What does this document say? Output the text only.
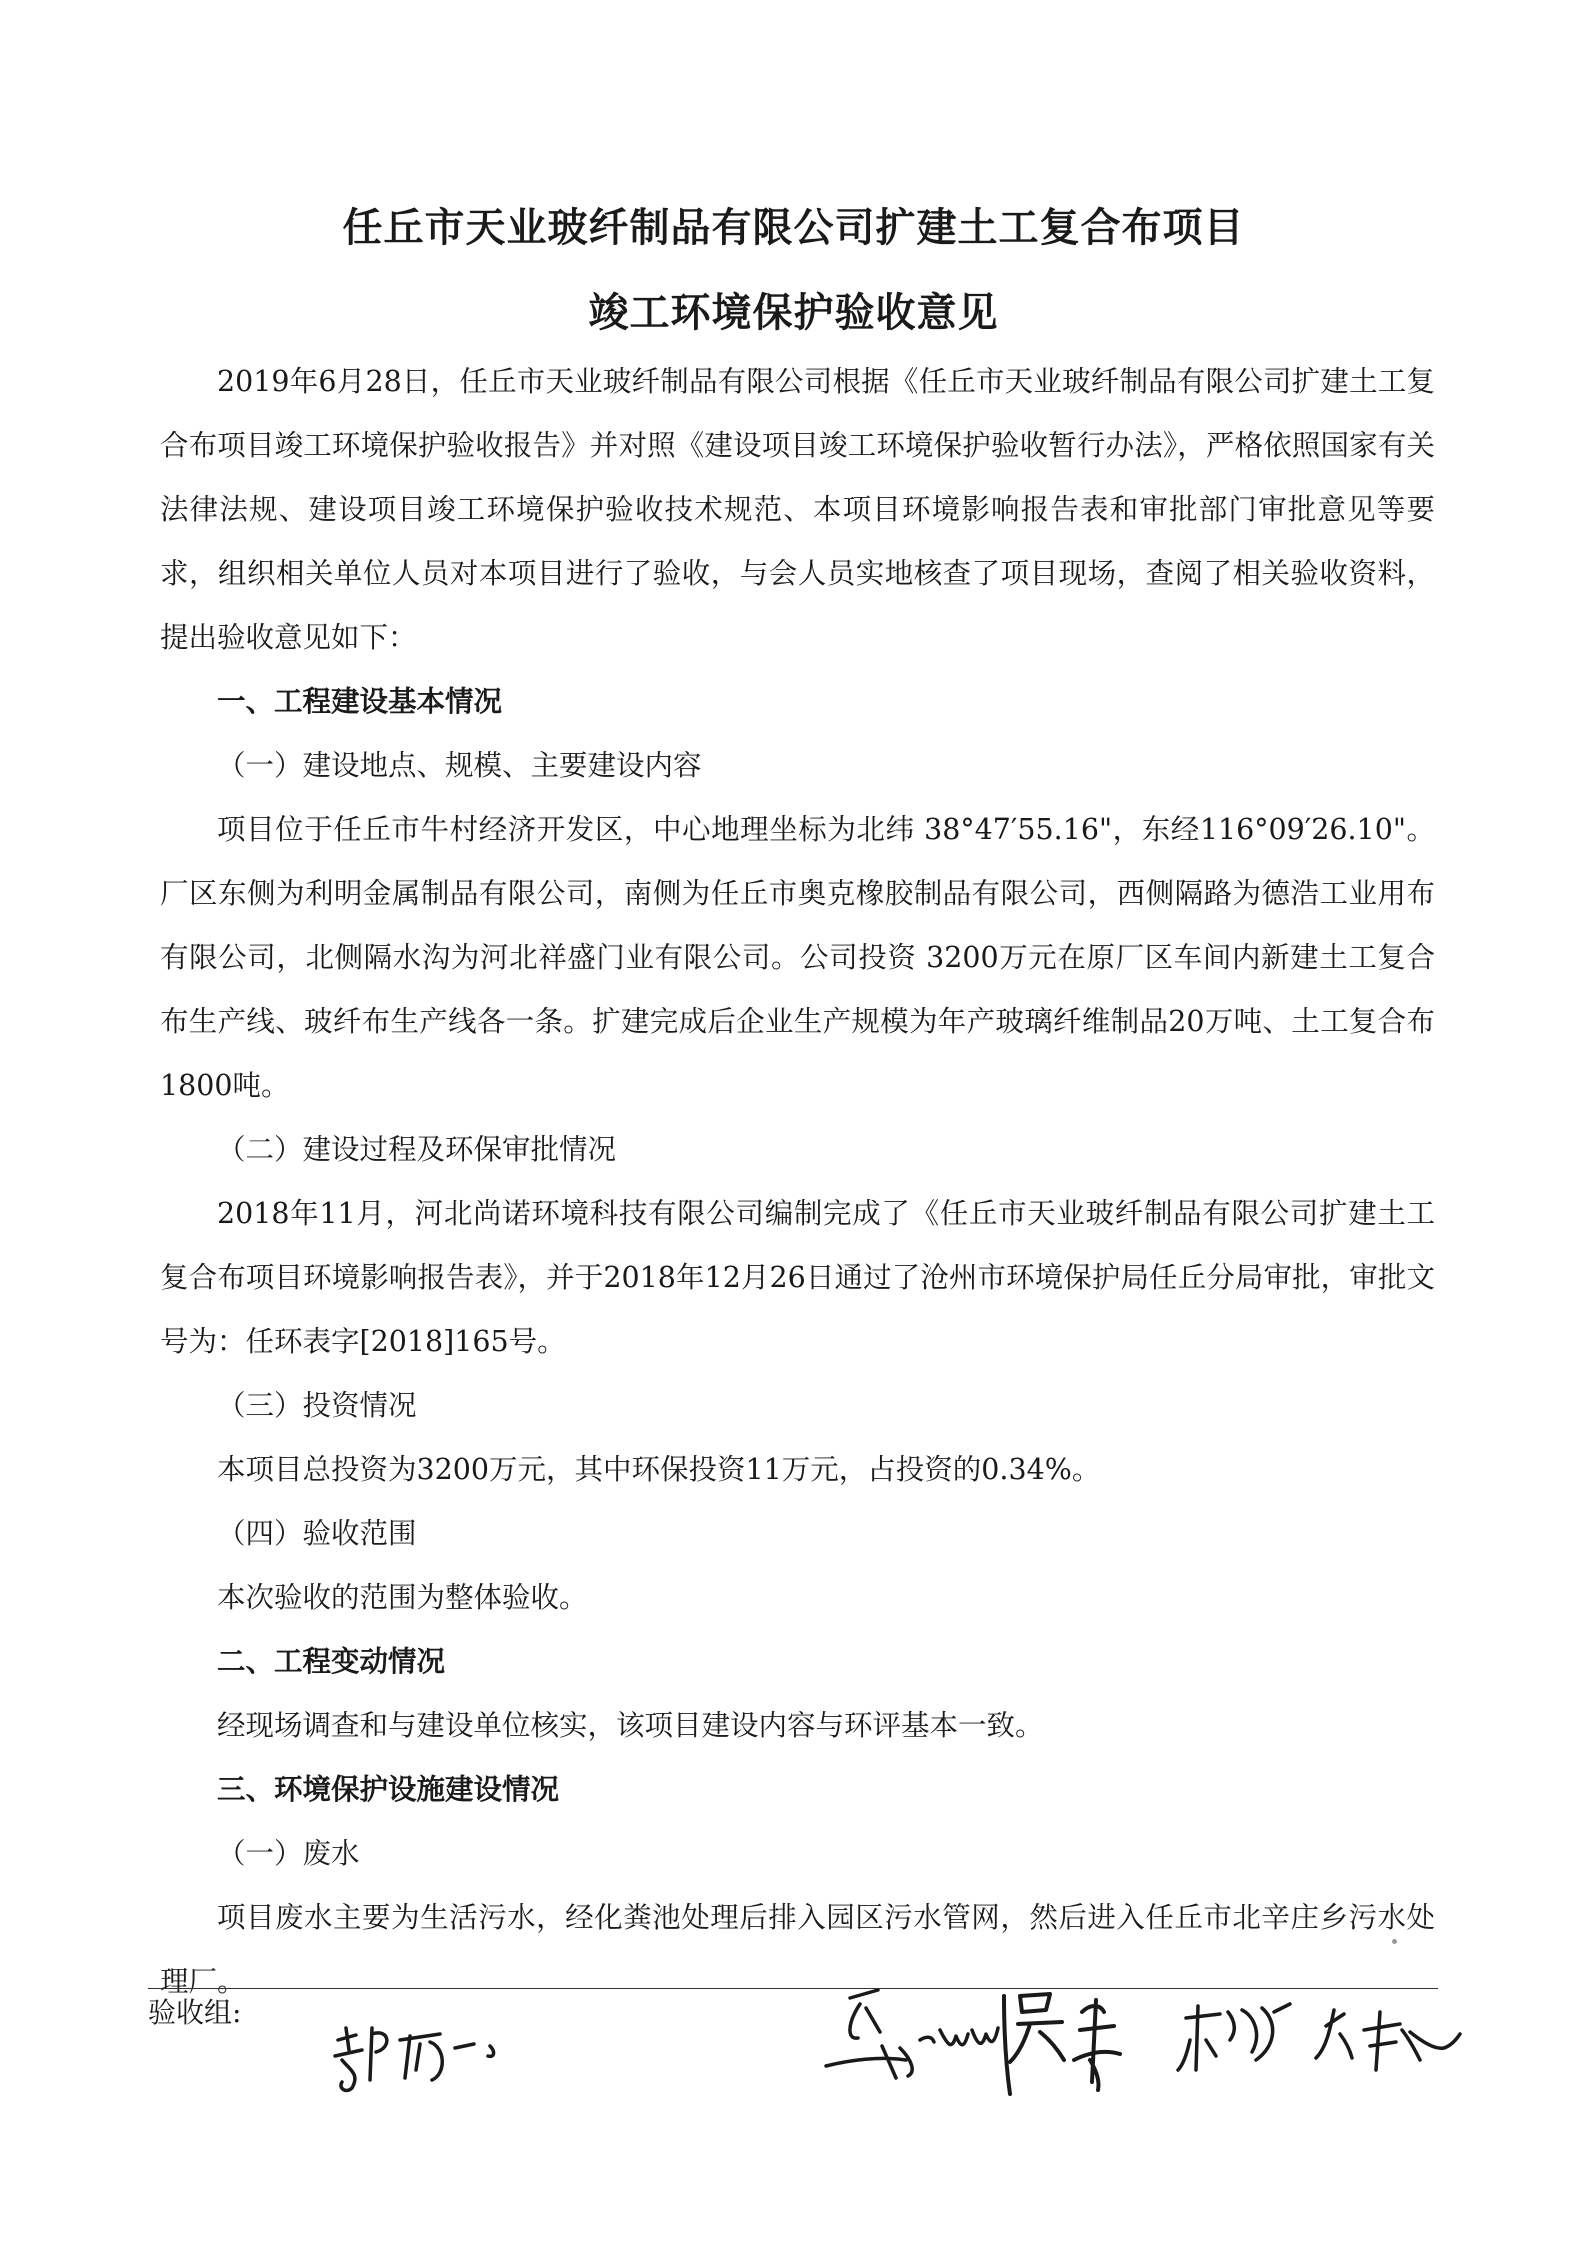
任丘市天业玻纤制品有限公司扩建土工复合布项目
竣工环境保护验收意见

2019年6月28日，任丘市天业玻纤制品有限公司根据《任丘市天业玻纤制品有限公司扩建土工复合布项目竣工环境保护验收报告》并对照《建设项目竣工环境保护验收暂行办法》，严格依照国家有关法律法规、建设项目竣工环境保护验收技术规范、本项目环境影响报告表和审批部门审批意见等要求，组织相关单位人员对本项目进行了验收，与会人员实地核查了项目现场，查阅了相关验收资料，提出验收意见如下：

一、工程建设基本情况

（一）建设地点、规模、主要建设内容

项目位于任丘市牛村经济开发区，中心地理坐标为北纬 38°47′55.16"，东经116°09′26.10"。厂区东侧为利明金属制品有限公司，南侧为任丘市奥克橡胶制品有限公司，西侧隔路为德浩工业用布有限公司，北侧隔水沟为河北祥盛门业有限公司。公司投资 3200万元在原厂区车间内新建土工复合布生产线、玻纤布生产线各一条。扩建完成后企业生产规模为年产玻璃纤维制品20万吨、土工复合布1800吨。

（二）建设过程及环保审批情况

2018年11月，河北尚诺环境科技有限公司编制完成了《任丘市天业玻纤制品有限公司扩建土工复合布项目环境影响报告表》，并于2018年12月26日通过了沧州市环境保护局任丘分局审批，审批文号为：任环表字[2018]165号。

（三）投资情况

本项目总投资为3200万元，其中环保投资11万元，占投资的0.34%。

（四）验收范围

本次验收的范围为整体验收。

二、工程变动情况

经现场调查和与建设单位核实，该项目建设内容与环评基本一致。

三、环境保护设施建设情况

（一）废水

项目废水主要为生活污水，经化粪池处理后排入园区污水管网，然后进入任丘市北辛庄乡污水处理厂。

验收组:
